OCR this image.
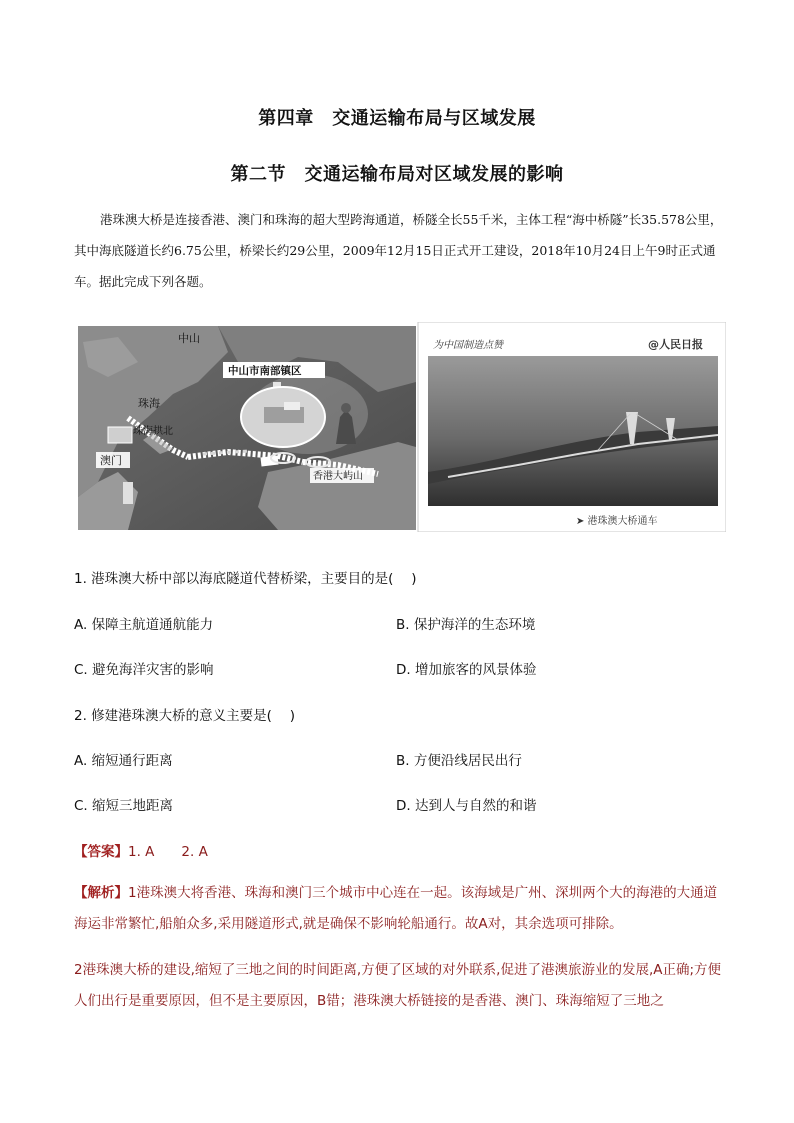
第四章　交通运输布局与区域发展
第二节　交通运输布局对区域发展的影响
港珠澳大桥是连接香港、澳门和珠海的超大型跨海通道，桥隧全长55千米，主体工程“海中桥隧”长35.578公里，其中海底隧道长约6.75公里，桥梁长约29公里，2009年12月15日正式开工建设，2018年10月24日上午9时正式通车。据此完成下列各题。
中山
珠海
珠海拱北
澳门
中山市南部镇区
香港大屿山
为中国制造点赞	@人民日报
➤ 港珠澳大桥通车
1. 港珠澳大桥中部以海底隧道代替桥梁，主要目的是(　 )
A. 保障主航道通航能力	B. 保护海洋的生态环境
C. 避免海洋灾害的影响	D. 增加旅客的风景体验
2. 修建港珠澳大桥的意义主要是(　 )
A. 缩短通行距离	B. 方便沿线居民出行
C. 缩短三地距离	D. 达到人与自然的和谐
【答案】1. A　　2. A
【解析】1港珠澳大将香港、珠海和澳门三个城市中心连在一起。该海域是广州、深圳两个大的海港的大通道海运非常繁忙,船舶众多,采用隧道形式,就是确保不影响轮船通行。故A对，其余选项可排除。
2港珠澳大桥的建设,缩短了三地之间的时间距离,方便了区域的对外联系,促进了港澳旅游业的发展,A正确;方便人们出行是重要原因，但不是主要原因，B错；港珠澳大桥链接的是香港、澳门、珠海缩短了三地之
